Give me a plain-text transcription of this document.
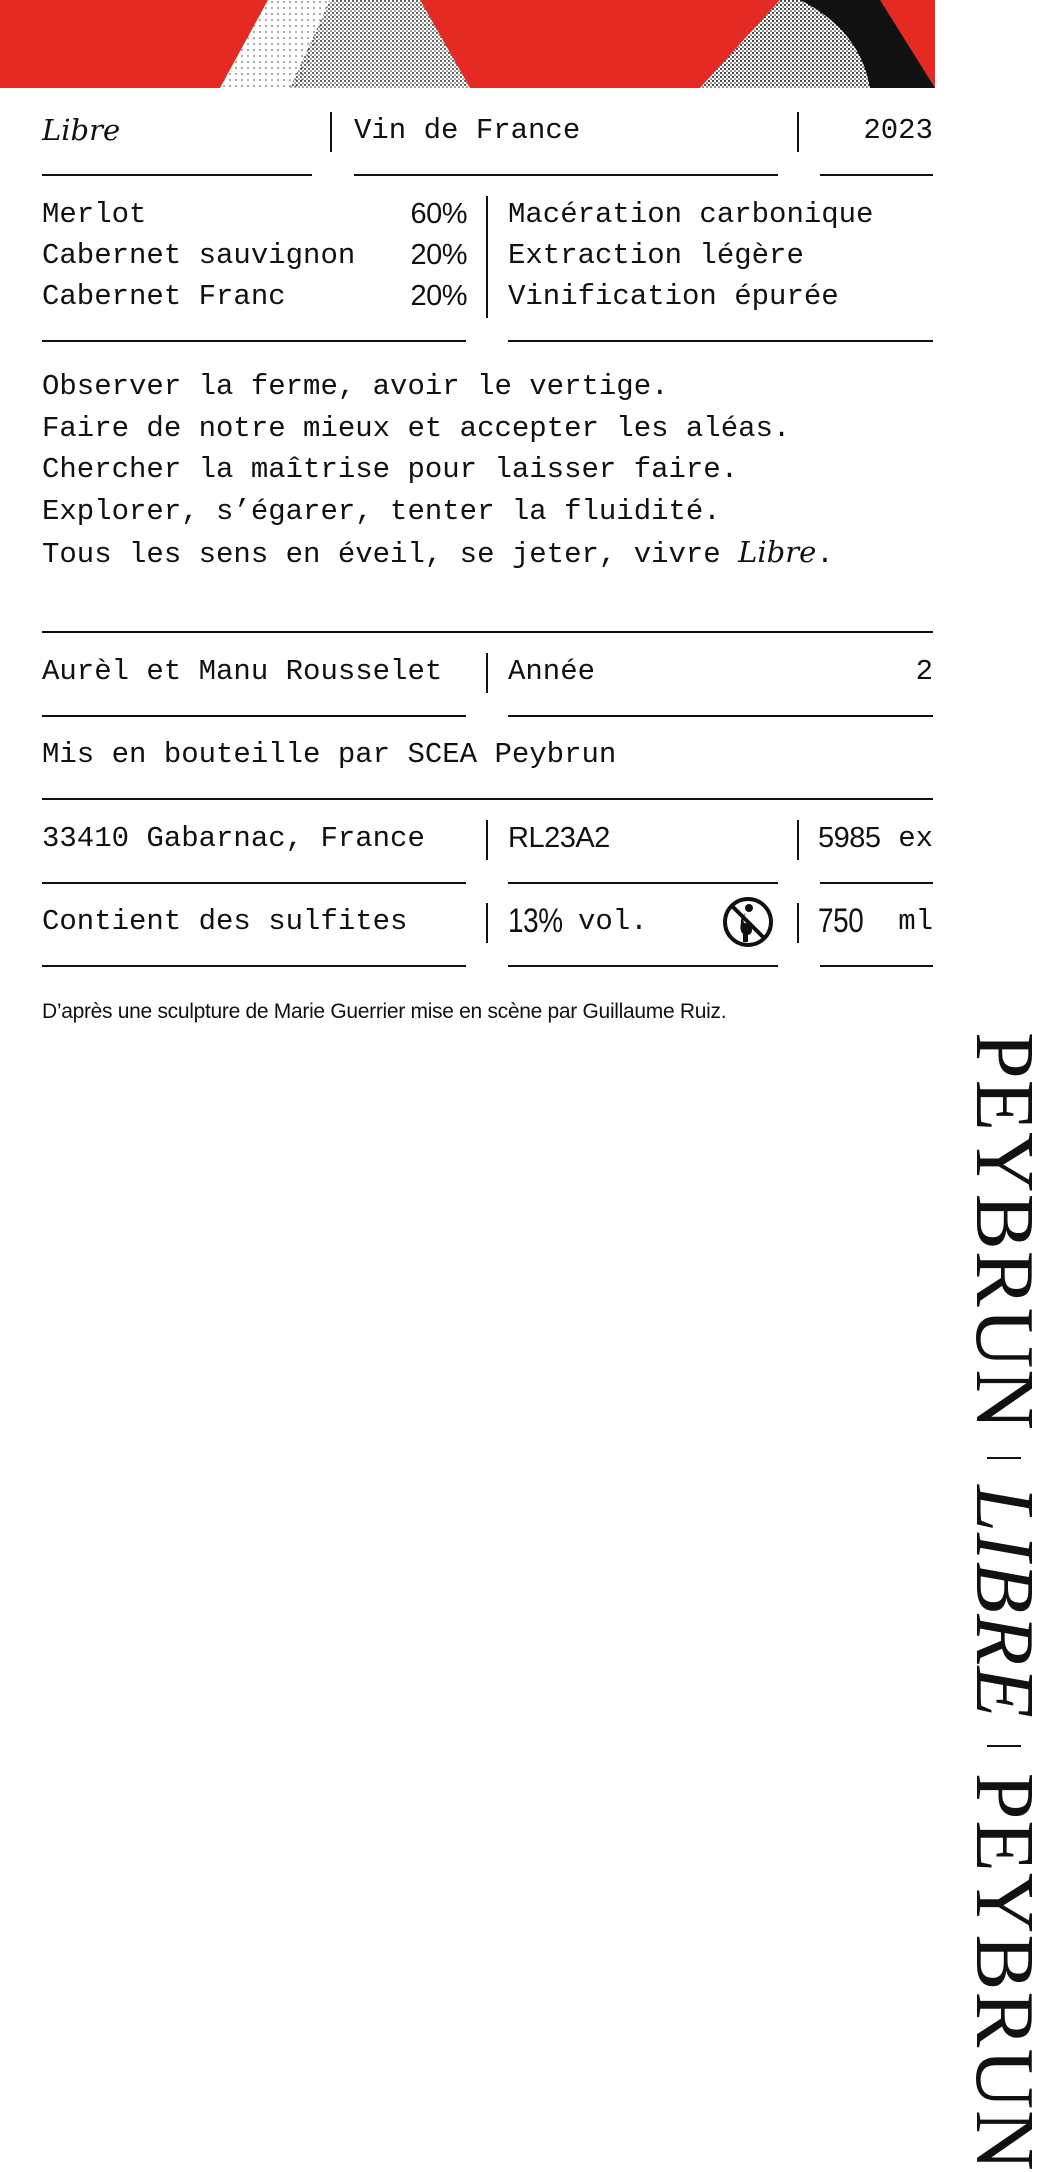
PEYBRUN
LIBRE
PEYBRUN
Libre	Vin de France	2023
Merlot	60%
Cabernet sauvignon 20%
Cabernet Franc	20%
Macération carbonique
Extraction légère
Vinification épurée
Observer la ferme, avoir le vertige.
Faire de notre mieux et accepter les aléas.
Chercher la maîtrise pour laisser faire.
Explorer, s’égarer, tenter la fluidité.
Tous les sens en éveil, se jeter, vivre Libre.
Aurèl et Manu Rousselet Année	2
Mis en bouteille par SCEA Peybrun
33410 Gabarnac, France	RL23A2	5985 ex
Contient des sulfites	13% vol.	750 ml
D’après une sculpture de Marie Guerrier mise en scène par Guillaume Ruiz.
